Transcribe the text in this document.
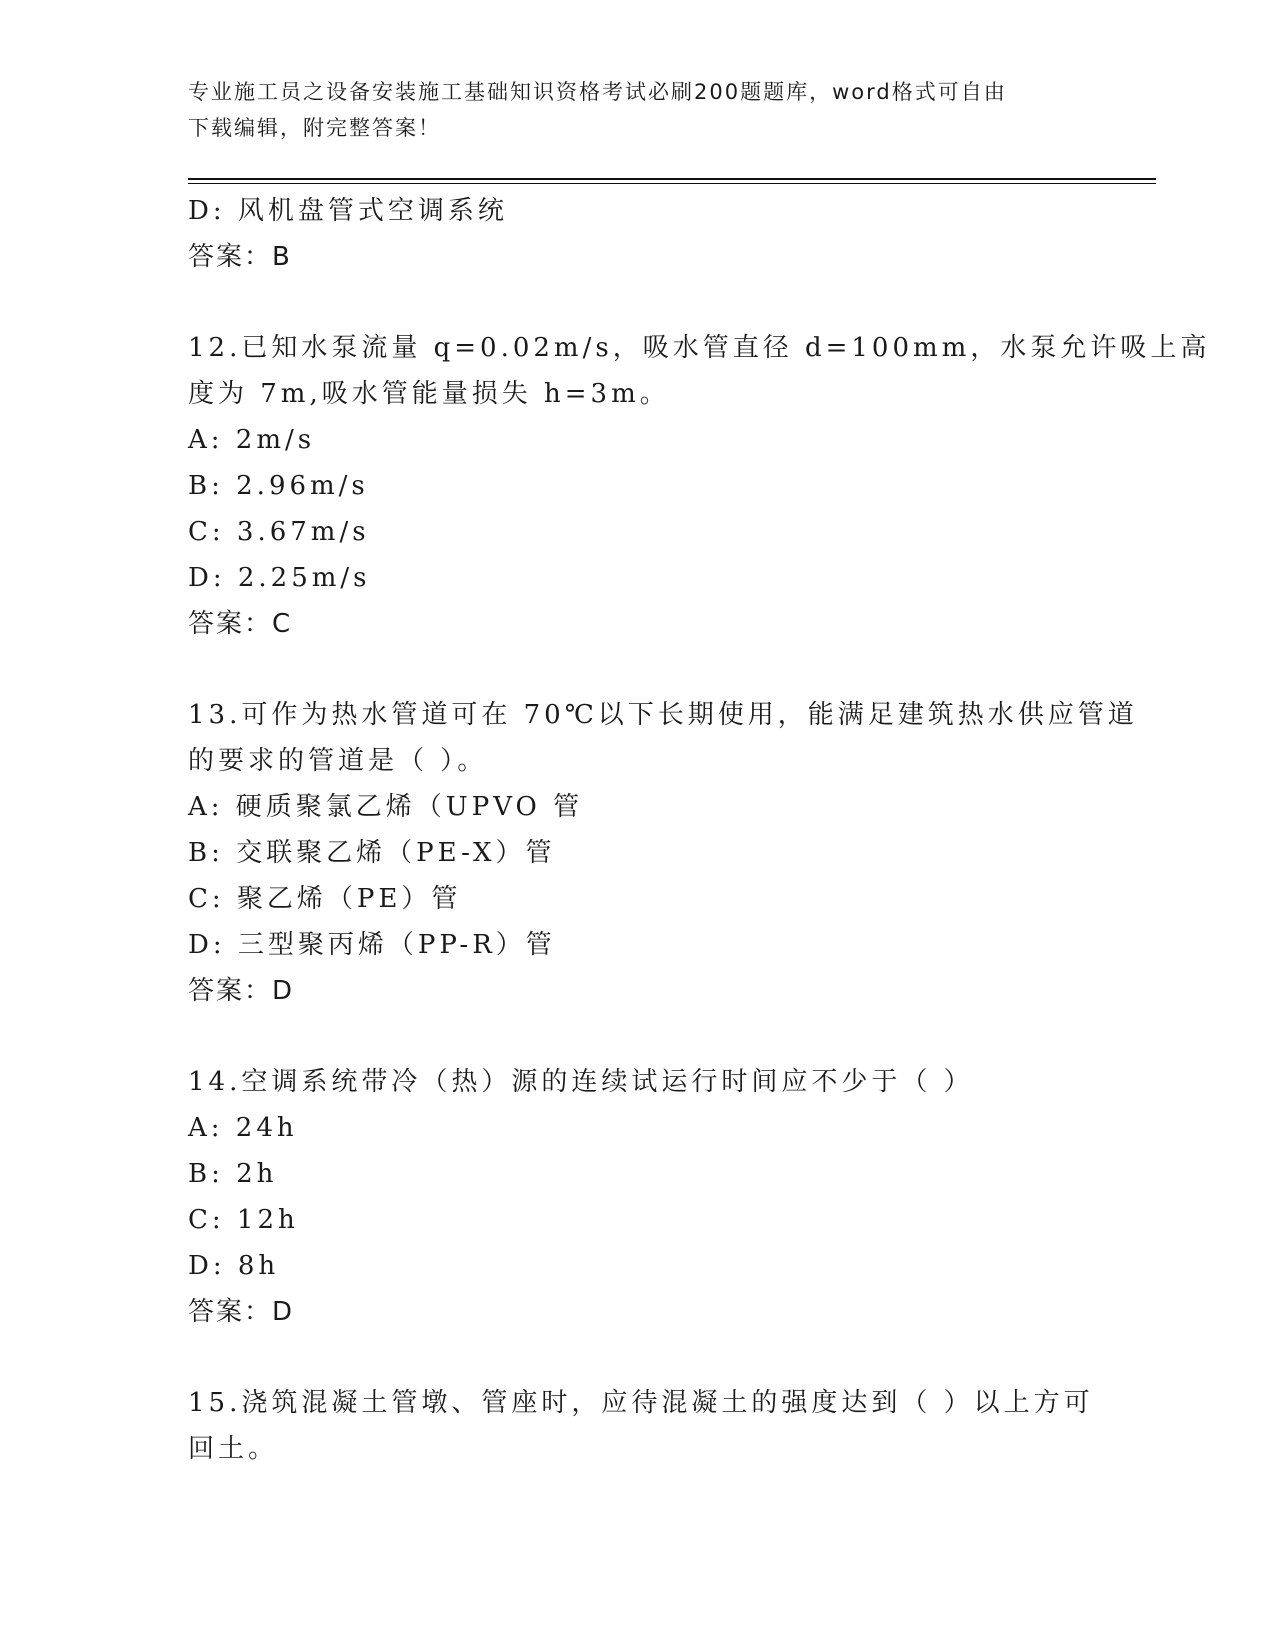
专业施工员之设备安装施工基础知识资格考试必刷200题题库，word格式可自由
下载编辑，附完整答案！
D: 风机盘管式空调系统
答案：B
12.已知水泵流量 q=0.02m/s，吸水管直径 d=100mm，水泵允许吸上高
度为 7m,吸水管能量损失 h=3m。
A: 2m/s
B: 2.96m/s
C: 3.67m/s
D: 2.25m/s
答案：C
13.可作为热水管道可在 70℃以下长期使用，能满足建筑热水供应管道
的要求的管道是（ ）。
A: 硬质聚氯乙烯（UPVO 管
B: 交联聚乙烯（PE-X）管
C: 聚乙烯（PE）管
D: 三型聚丙烯（PP-R）管
答案：D
14.空调系统带冷（热）源的连续试运行时间应不少于（ ）
A: 24h
B: 2h
C: 12h
D: 8h
答案：D
15.浇筑混凝土管墩、管座时，应待混凝土的强度达到（ ）以上方可
回土。
